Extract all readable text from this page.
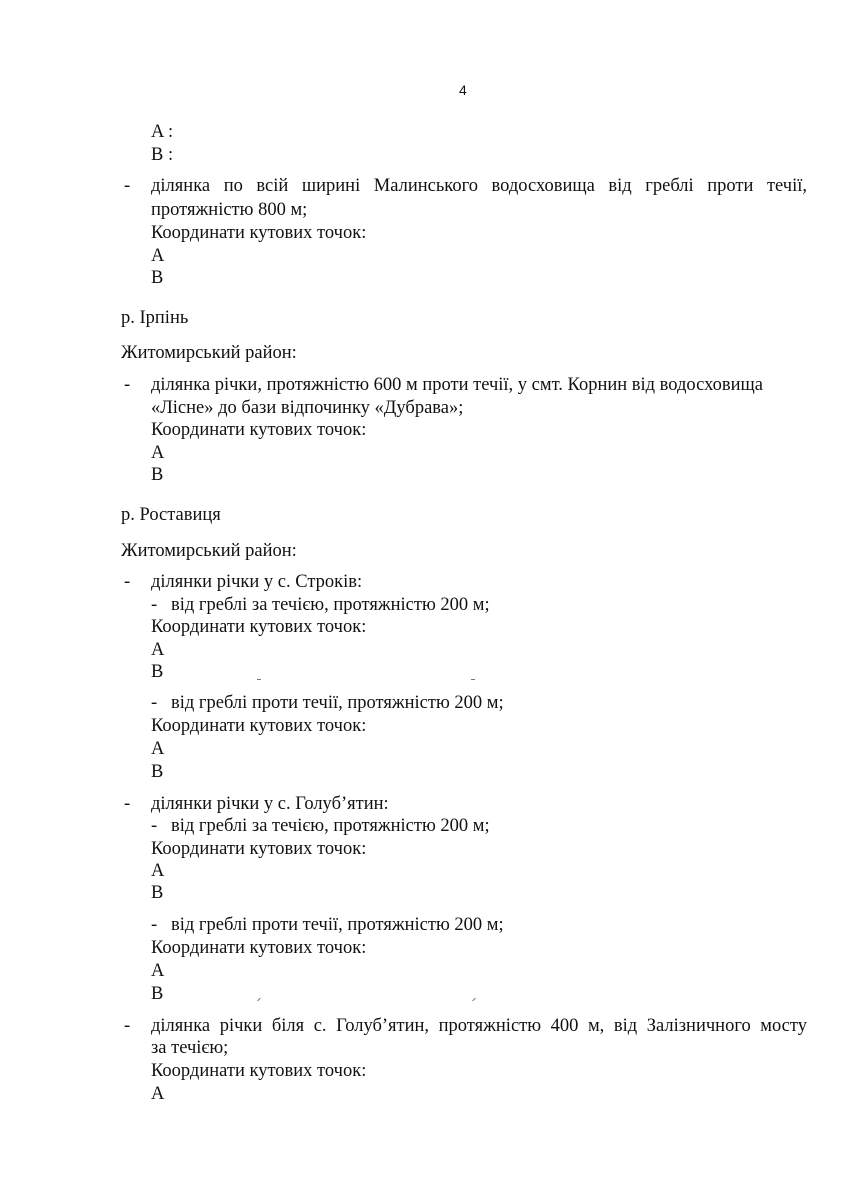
4
A :
B :
-	ділянка по всій ширині Малинського водосховища від греблі проти течії,
протяжністю 800 м;
Координати кутових точок:
A
B
р. Ірпінь
Житомирський район:
-	ділянка річки, протяжністю 600 м проти течії, у смт. Корнин від водосховища
«Лісне» до бази відпочинку «Дубрава»;
Координати кутових точок:
A
B
р. Роставиця
Житомирський район:
-	ділянки річки у с. Строків:
- від греблі за течією, протяжністю 200 м;
Координати кутових точок:
A
B
- від греблі проти течії, протяжністю 200 м;
Координати кутових точок:
A
B
-	ділянки річки у с. Голуб’ятин:
- від греблі за течією, протяжністю 200 м;
Координати кутових точок:
A
B
- від греблі проти течії, протяжністю 200 м;
Координати кутових точок:
A
B
-	ділянка річки біля с. Голуб’ятин, протяжністю 400 м, від Залізничного мосту
за течією;
Координати кутових точок:
A
